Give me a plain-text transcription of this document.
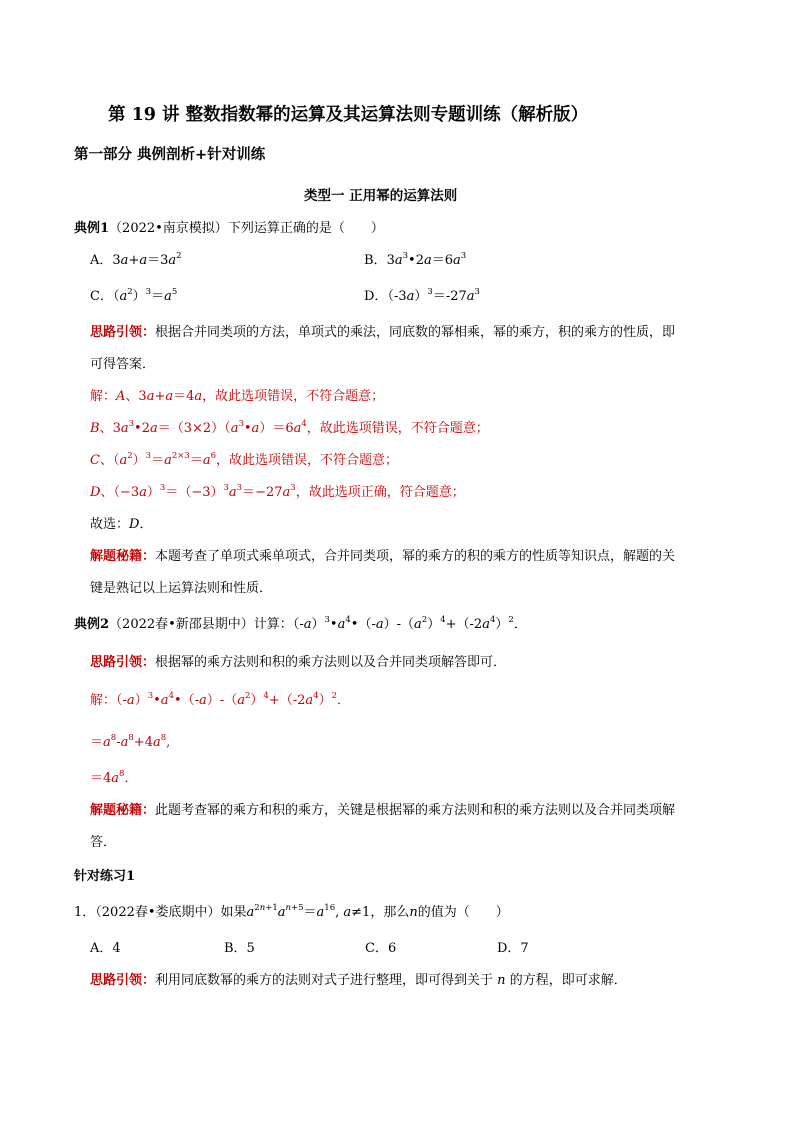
第 19 讲 整数指数幂的运算及其运算法则专题训练（解析版）
第一部分 典例剖析+针对训练
类型一 正用幂的运算法则
典例1（2022•南京模拟）下列运算正确的是（　　）
A．$3a+a=3a^2$	B．$3a^3•2a=6a^3$
C．$(a^2)^3=a^5$	D．$(-3a)^3=-27a^3$
思路引领：根据合并同类项的方法，单项式的乘法，同底数的幂相乘，幂的乘方，积的乘方的性质，即
可得答案．
解：A、3a+a＝4a，故此选项错误，不符合题意；
B、$3a^3•2a=(3\times 2)(a^3•a)=6a^4$，故此选项错误，不符合题意；
C、$(a^2)^3=a^{2\times 3}=a^6$，故此选项错误，不符合题意；
D、$(-3a)^3=(-3)^3a^3=-27a^3$，故此选项正确，符合题意；
故选：D．
解题秘籍：本题考查了单项式乘单项式，合并同类项，幂的乘方的积的乘方的性质等知识点，解题的关
键是熟记以上运算法则和性质．
典例2（2022春•新邵县期中）计算：$(-a)^3•a^4•(-a)-(a^2)^4+(-2a^4)^2$．
思路引领：根据幂的乘方法则和积的乘方法则以及合并同类项解答即可．
解：$(-a)^3•a^4•(-a)-(a^2)^4+(-2a^4)^2$．
$=a^8-a^8+4a^8$,
$=4a^8$．
解题秘籍：此题考查幂的乘方和积的乘方，关键是根据幂的乘方法则和积的乘方法则以及合并同类项解
答．
针对练习1
1．（2022春•娄底期中）如果$a^{2n+1}a^{n+5}=a^{16}$, a≠1，那么n的值为（　　）
A．4	B．5	C．6	D．7
思路引领：利用同底数幂的乘方的法则对式子进行整理，即可得到关于 n 的方程，即可求解．
